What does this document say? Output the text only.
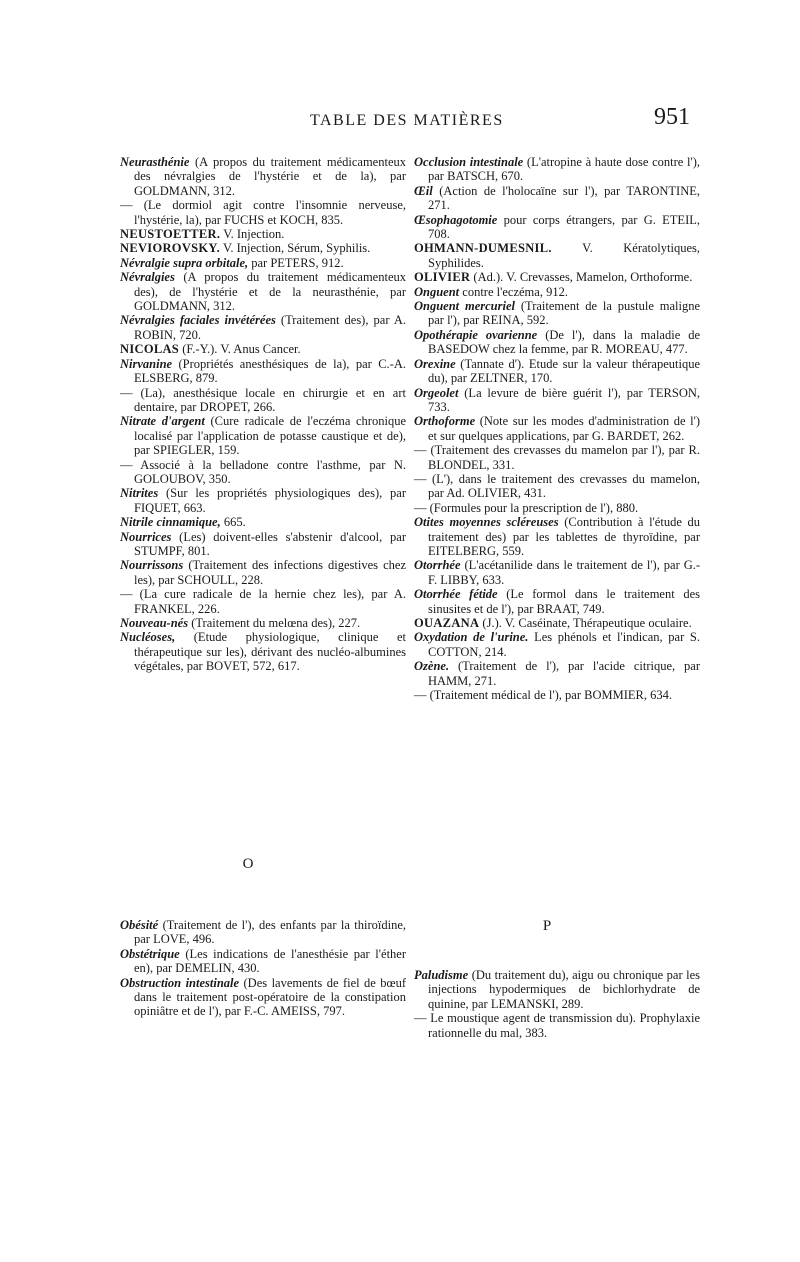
TABLE DES MATIÈRES	951

Neurasthénie (A propos du traitement médicamenteux des névralgies de l'hystérie et de la), par GOLDMANN, 312.

— (Le dormiol agit contre l'insomnie nerveuse, l'hystérie, la), par FUCHS et KOCH, 835.

NEUSTOETTER. V. Injection.

NEVIOROVSKY. V. Injection, Sérum, Syphilis.

Névralgie supra orbitale, par PETERS, 912.

Névralgies (A propos du traitement médicamenteux des), de l'hystérie et de la neurasthénie, par GOLDMANN, 312.

Névralgies faciales invétérées (Traitement des), par A. ROBIN, 720.

NICOLAS (F.-Y.). V. Anus Cancer.

Nirvanine (Propriétés anesthésiques de la), par C.-A. ELSBERG, 879.

— (La), anesthésique locale en chirurgie et en art dentaire, par DROPET, 266.

Nitrate d'argent (Cure radicale de l'eczéma chronique localisé par l'application de potasse caustique et de), par SPIEGLER, 159.

— Associé à la belladone contre l'asthme, par N. GOLOUBOV, 350.

Nitrites (Sur les propriétés physiologiques des), par FIQUET, 663.

Nitrile cinnamique, 665.

Nourrices (Les) doivent-elles s'abstenir d'alcool, par STUMPF, 801.

Nourrissons (Traitement des infections digestives chez les), par SCHOULL, 228.

— (La cure radicale de la hernie chez les), par A. FRANKEL, 226.

Nouveau-nés (Traitement du melœna des), 227.

Nucléoses, (Etude physiologique, clinique et thérapeutique sur les), dérivant des nucléo-albumines végétales, par BOVET, 572, 617.

O

Obésité (Traitement de l'), des enfants par la thiroïdine, par LOVE, 496.

Obstétrique (Les indications de l'anesthésie par l'éther en), par DEMELIN, 430.

Obstruction intestinale (Des lavements de fiel de bœuf dans le traitement post-opératoire de la constipation opiniâtre et de l'), par F.-C. AMEISS, 797.

Occlusion intestinale (L'atropine à haute dose contre l'), par BATSCH, 670.

Œil (Action de l'holocaïne sur l'), par TARONTINE, 271.

Œsophagotomie pour corps étrangers, par G. ETEIL, 708.

OHMANN-DUMESNIL. V. Kératolytiques, Syphilides.

OLIVIER (Ad.). V. Crevasses, Mamelon, Orthoforme.

Onguent contre l'eczéma, 912.

Onguent mercuriel (Traitement de la pustule maligne par l'), par REINA, 592.

Opothérapie ovarienne (De l'), dans la maladie de BASEDOW chez la femme, par R. MOREAU, 477.

Orexine (Tannate d'). Etude sur la valeur thérapeutique du), par ZELTNER, 170.

Orgeolet (La levure de bière guérit l'), par TERSON, 733.

Orthoforme (Note sur les modes d'administration de l') et sur quelques applications, par G. BARDET, 262.

— (Traitement des crevasses du mamelon par l'), par R. BLONDEL, 331.

— (L'), dans le traitement des crevasses du mamelon, par Ad. OLIVIER, 431.

— (Formules pour la prescription de l'), 880.

Otites moyennes scléreuses (Contribution à l'étude du traitement des) par les tablettes de thyroïdine, par EITELBERG, 559.

Otorrhée (L'acétanilide dans le traitement de l'), par G.-F. LIBBY, 633.

Otorrhée fétide (Le formol dans le traitement des sinusites et de l'), par BRAAT, 749.

OUAZANA (J.). V. Caséinate, Thérapeutique oculaire.

Oxydation de l'urine. Les phénols et l'indican, par S. COTTON, 214.

Ozène. (Traitement de l'), par l'acide citrique, par HAMM, 271.

— (Traitement médical de l'), par BOMMIER, 634.

P

Paludisme (Du traitement du), aigu ou chronique par les injections hypodermiques de bichlorhydrate de quinine, par LEMANSKI, 289.

— Le moustique agent de transmission du). Prophylaxie rationnelle du mal, 383.
